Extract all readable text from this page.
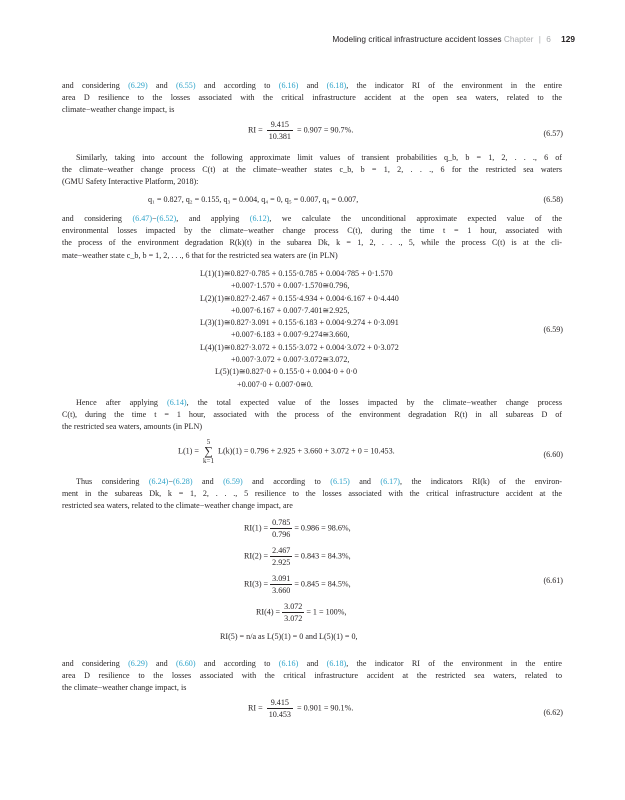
Modeling critical infrastructure accident losses Chapter | 6 129
and considering (6.29) and (6.55) and according to (6.16) and (6.18), the indicator RI of the environment in the entire
area D resilience to the losses associated with the critical infrastructure accident at the open sea waters, related to the
climate−weather change impact, is
RI = $\frac{9.415}{10.381} = 0.907 = 90.7\%$.	(6.57)
Similarly, taking into account the following approximate limit values of transient probabilities q_b, b = 1, 2, . . ., 6 of
the climate−weather change process C(t) at the climate−weather states c_b, b = 1, 2, . . ., 6 for the restricted sea waters
(GMU Safety Interactive Platform, 2018):
q₁ = 0.827, q₂ = 0.155, q₃ = 0.004, q₄ = 0, q₅ = 0.007, q₆ = 0.007,	(6.58)
and considering (6.47)−(6.52), and applying (6.12), we calculate the unconditional approximate expected value of the
environmental losses impacted by the climate−weather change process C(t), during the time t = 1 hour, associated with
the process of the environment degradation R(k)(t) in the subarea Dk, k = 1, 2, . . ., 5, while the process C(t) is at the cli-
mate−weather state c_b, b = 1, 2, . . ., 6 that for the restricted sea waters are (in PLN)
L(1)(1)≅0.827·0.785 + 0.155·0.785 + 0.004·785 + 0·1.570
+0.007·1.570 + 0.007·1.570≅0.796,
L(2)(1)≅0.827·2.467 + 0.155·4.934 + 0.004·6.167 + 0·4.440
+0.007·6.167 + 0.007·7.401≅2.925,
L(3)(1)≅0.827·3.091 + 0.155·6.183 + 0.004·9.274 + 0·3.091
+0.007·6.183 + 0.007·9.274≅3.660,
L(4)(1)≅0.827·3.072 + 0.155·3.072 + 0.004·3.072 + 0·3.072
+0.007·3.072 + 0.007·3.072≅3.072,
L(5)(1)≅0.827·0 + 0.155·0 + 0.004·0 + 0·0
+0.007·0 + 0.007·0≅0.
(6.59)
Hence after applying (6.14), the total expected value of the losses impacted by the climate−weather change process
C(t), during the time t = 1 hour, associated with the process of the environment degradation R(t) in all subareas D of
the restricted sea waters, amounts (in PLN)
L(1) =
5
∑
k=1
L(k)(1) = 0.796 + 2.925 + 3.660 + 3.072 + 0 = 10.453.	(6.60)
Thus considering (6.24)−(6.28) and (6.59) and according to (6.15) and (6.17), the indicators RI(k) of the environ-
ment in the subareas Dk, k = 1, 2, . . ., 5 resilience to the losses associated with the critical infrastructure accident at the
restricted sea waters, related to the climate−weather change impact, are
$RI(1) = \frac{0.785}{0.796} = 0.986 = 98.6\%$,
$RI(2) = \frac{2.467}{2.925} = 0.843 = 84.3\%$,
$RI(3) = \frac{3.091}{3.660} = 0.845 = 84.5\%$,
$RI(4) = \frac{3.072}{3.072} = 1 = 100\%$,
RI(5) = n/a as L(5)(1) = 0 and L(5)(1) = 0,
(6.61)
and considering (6.29) and (6.60) and according to (6.16) and (6.18), the indicator RI of the environment in the entire
area D resilience to the losses associated with the critical infrastructure accident at the restricted sea waters, related to
the climate−weather change impact, is
RI = $\frac{9.415}{10.453} = 0.901 = 90.1\%$.
(6.62)
